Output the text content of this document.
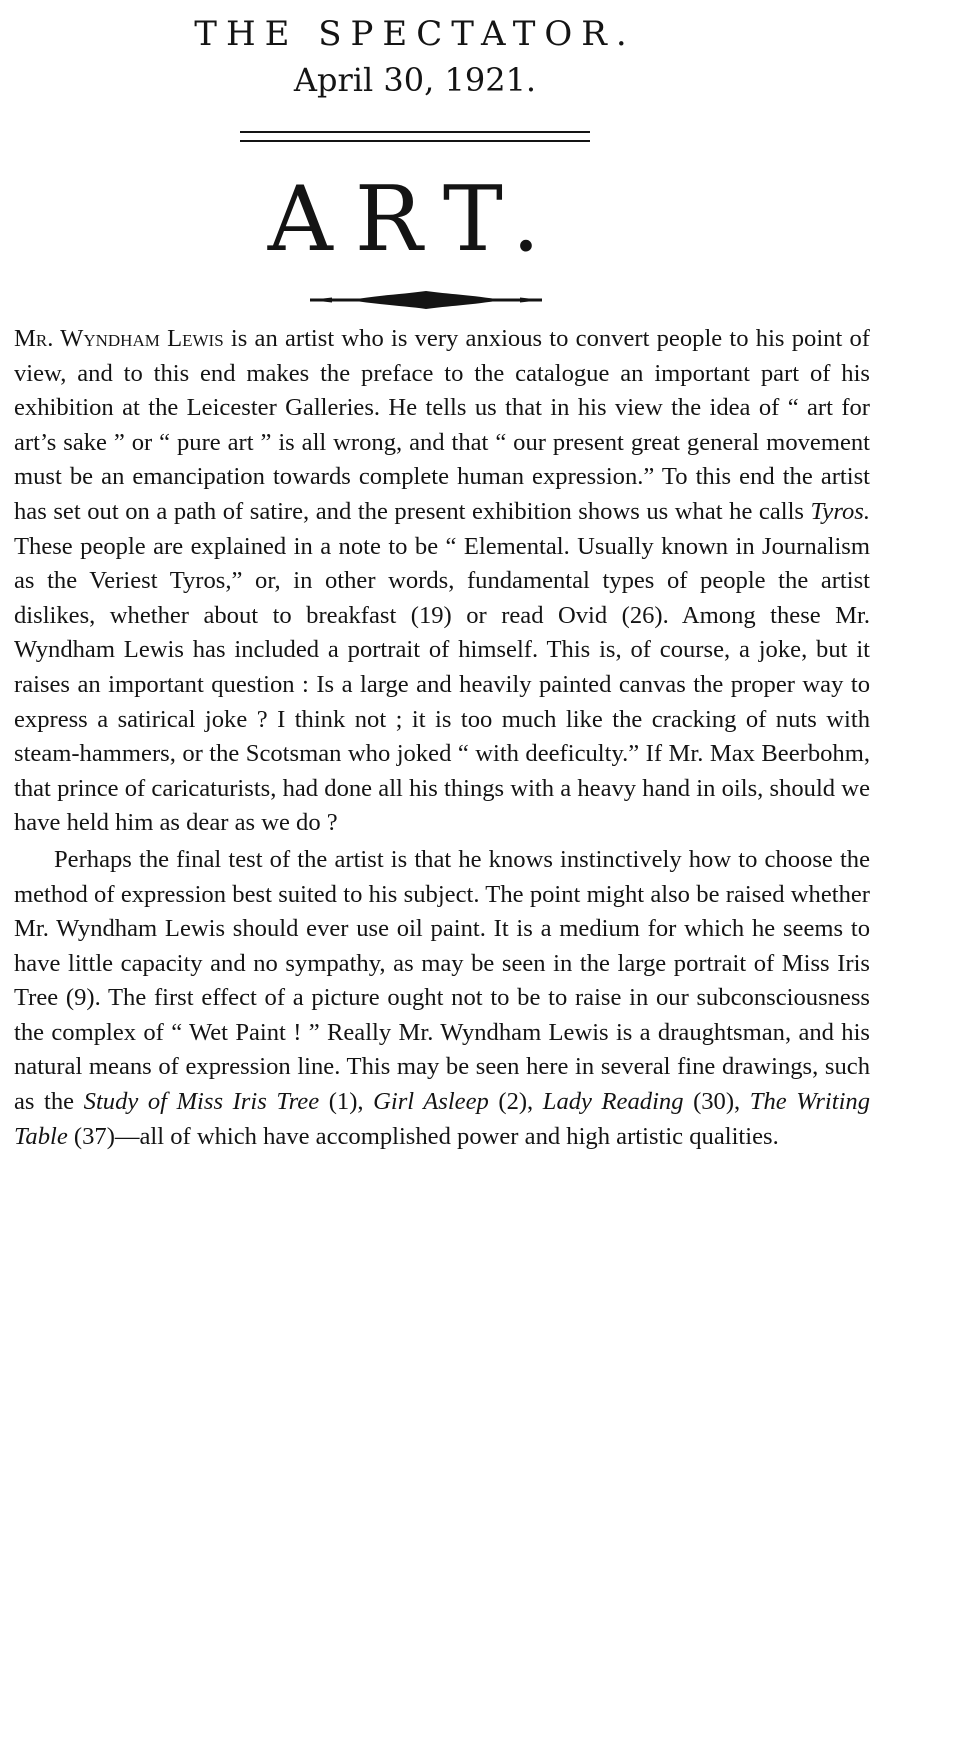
THE SPECTATOR.
April 30, 1921.
ART.

Mr. Wyndham Lewis is an artist who is very anxious to convert people to his point of view, and to this end makes the preface to the catalogue an important part of his exhibition at the Leicester Galleries. He tells us that in his view the idea of “ art for art’s sake ” or “ pure art ” is all wrong, and that “ our present great general movement must be an emancipation towards complete human expression.” To this end the artist has set out on a path of satire, and the present exhibition shows us what he calls Tyros. These people are explained in a note to be “ Elemental. Usually known in Journalism as the Veriest Tyros,” or, in other words, fundamental types of people the artist dislikes, whether about to breakfast (19) or read Ovid (26). Among these Mr. Wyndham Lewis has included a portrait of himself. This is, of course, a joke, but it raises an important question : Is a large and heavily painted canvas the proper way to express a satirical joke ? I think not ; it is too much like the cracking of nuts with steam-hammers, or the Scotsman who joked “ with deeficulty.” If Mr. Max Beerbohm, that prince of caricaturists, had done all his things with a heavy hand in oils, should we have held him as dear as we do ?

Perhaps the final test of the artist is that he knows instinctively how to choose the method of expression best suited to his subject. The point might also be raised whether Mr. Wyndham Lewis should ever use oil paint. It is a medium for which he seems to have little capacity and no sympathy, as may be seen in the large portrait of Miss Iris Tree (9). The first effect of a picture ought not to be to raise in our subconsciousness the complex of “ Wet Paint ! ” Really Mr. Wyndham Lewis is a draughtsman, and his natural means of expression line. This may be seen here in several fine drawings, such as the Study of Miss Iris Tree (1), Girl Asleep (2), Lady Reading (30), The Writing Table (37)—all of which have accomplished power and high artistic qualities.
